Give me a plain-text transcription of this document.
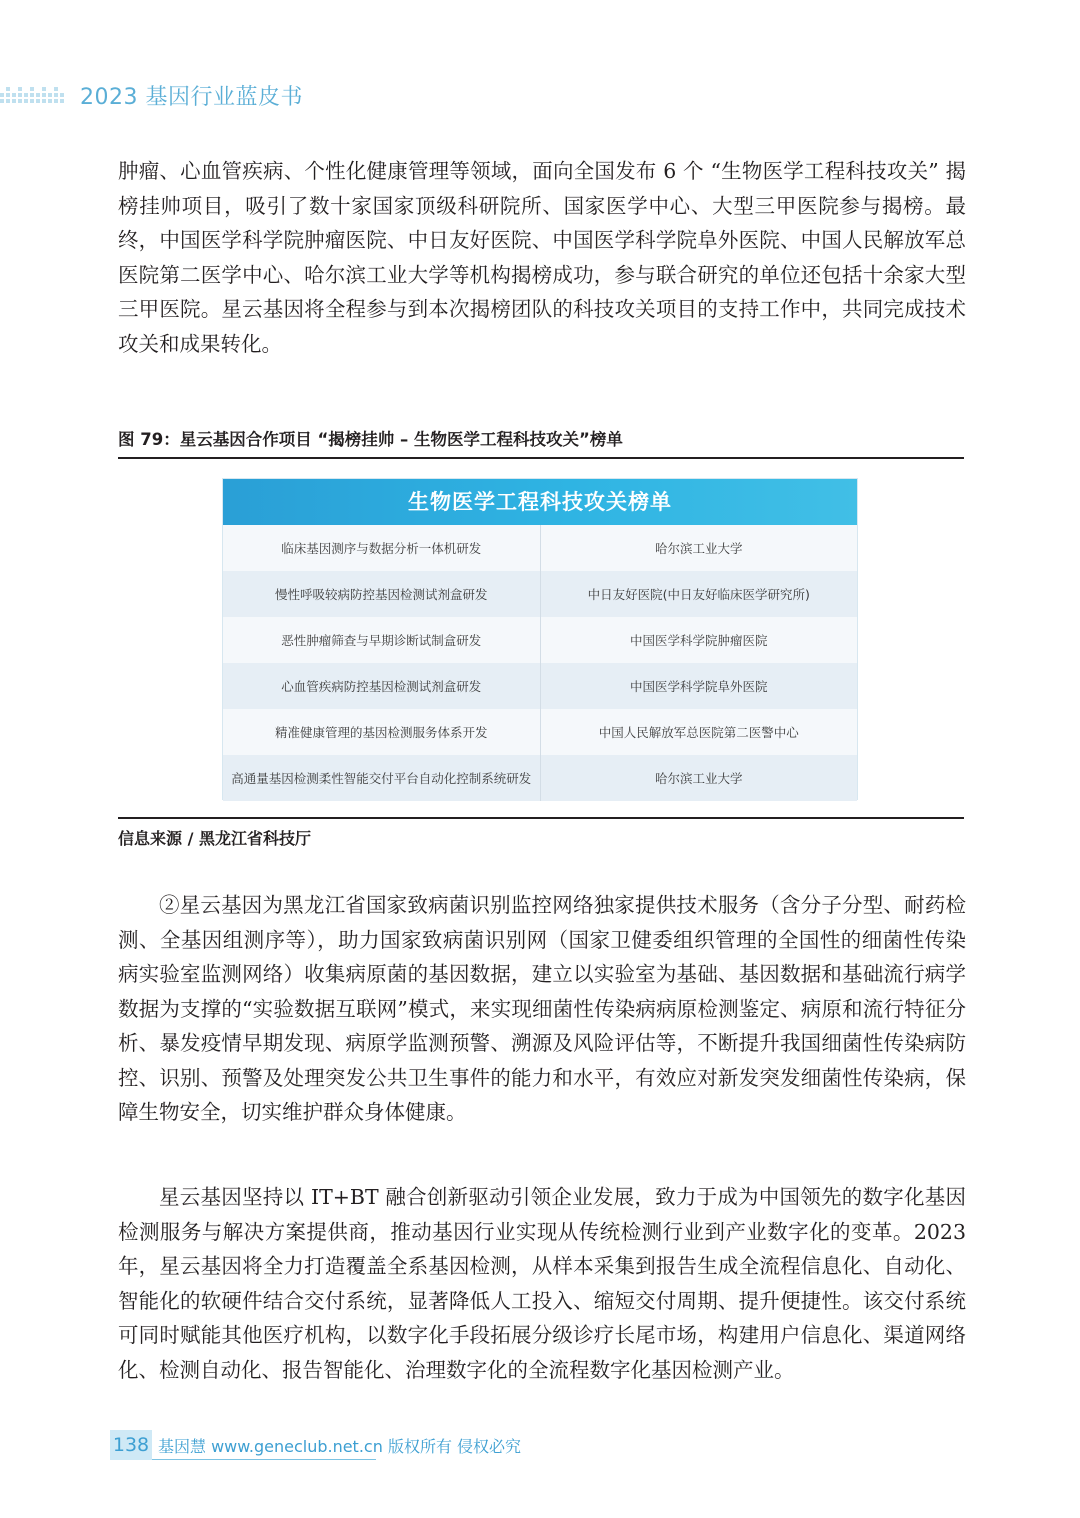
2023 基因行业蓝皮书

肿瘤、心血管疾病、个性化健康管理等领域，面向全国发布 6 个 “生物医学工程科技攻关” 揭榜挂帅项目，吸引了数十家国家顶级科研院所、国家医学中心、大型三甲医院参与揭榜。最终，中国医学科学院肿瘤医院、中日友好医院、中国医学科学院阜外医院、中国人民解放军总医院第二医学中心、哈尔滨工业大学等机构揭榜成功，参与联合研究的单位还包括十余家大型三甲医院。星云基因将全程参与到本次揭榜团队的科技攻关项目的支持工作中，共同完成技术攻关和成果转化。

图 79：星云基因合作项目 “揭榜挂帅 – 生物医学工程科技攻关”榜单
生物医学工程科技攻关榜单
临床基因测序与数据分析一体机研发	哈尔滨工业大学
慢性呼吸较病防控基因检测试剂盒研发	中日友好医院(中日友好临床医学研究所)
恶性肿瘤筛查与早期诊断试制盒研发	中国医学科学院肿瘤医院
心血管疾病防控基因检测试剂盒研发	中国医学科学院阜外医院
精准健康管理的基因检测服务体系开发	中国人民解放军总医院第二医警中心
高通量基因检测柔性智能交付平台自动化控制系统研发	哈尔滨工业大学
信息来源 / 黑龙江省科技厅

②星云基因为黑龙江省国家致病菌识别监控网络独家提供技术服务（含分子分型、耐药检测、全基因组测序等），助力国家致病菌识别网（国家卫健委组织管理的全国性的细菌性传染病实验室监测网络）收集病原菌的基因数据，建立以实验室为基础、基因数据和基础流行病学数据为支撑的“实验数据互联网”模式，来实现细菌性传染病病原检测鉴定、病原和流行特征分析、暴发疫情早期发现、病原学监测预警、溯源及风险评估等，不断提升我国细菌性传染病防控、识别、预警及处理突发公共卫生事件的能力和水平，有效应对新发突发细菌性传染病，保障生物安全，切实维护群众身体健康。

星云基因坚持以 IT+BT 融合创新驱动引领企业发展，致力于成为中国领先的数字化基因检测服务与解决方案提供商，推动基因行业实现从传统检测行业到产业数字化的变革。2023 年，星云基因将全力打造覆盖全系基因检测，从样本采集到报告生成全流程信息化、自动化、智能化的软硬件结合交付系统，显著降低人工投入、缩短交付周期、提升便捷性。该交付系统可同时赋能其他医疗机构，以数字化手段拓展分级诊疗长尾市场，构建用户信息化、渠道网络化、检测自动化、报告智能化、治理数字化的全流程数字化基因检测产业。

138 基因慧 www.geneclub.net.cn 版权所有 侵权必究
